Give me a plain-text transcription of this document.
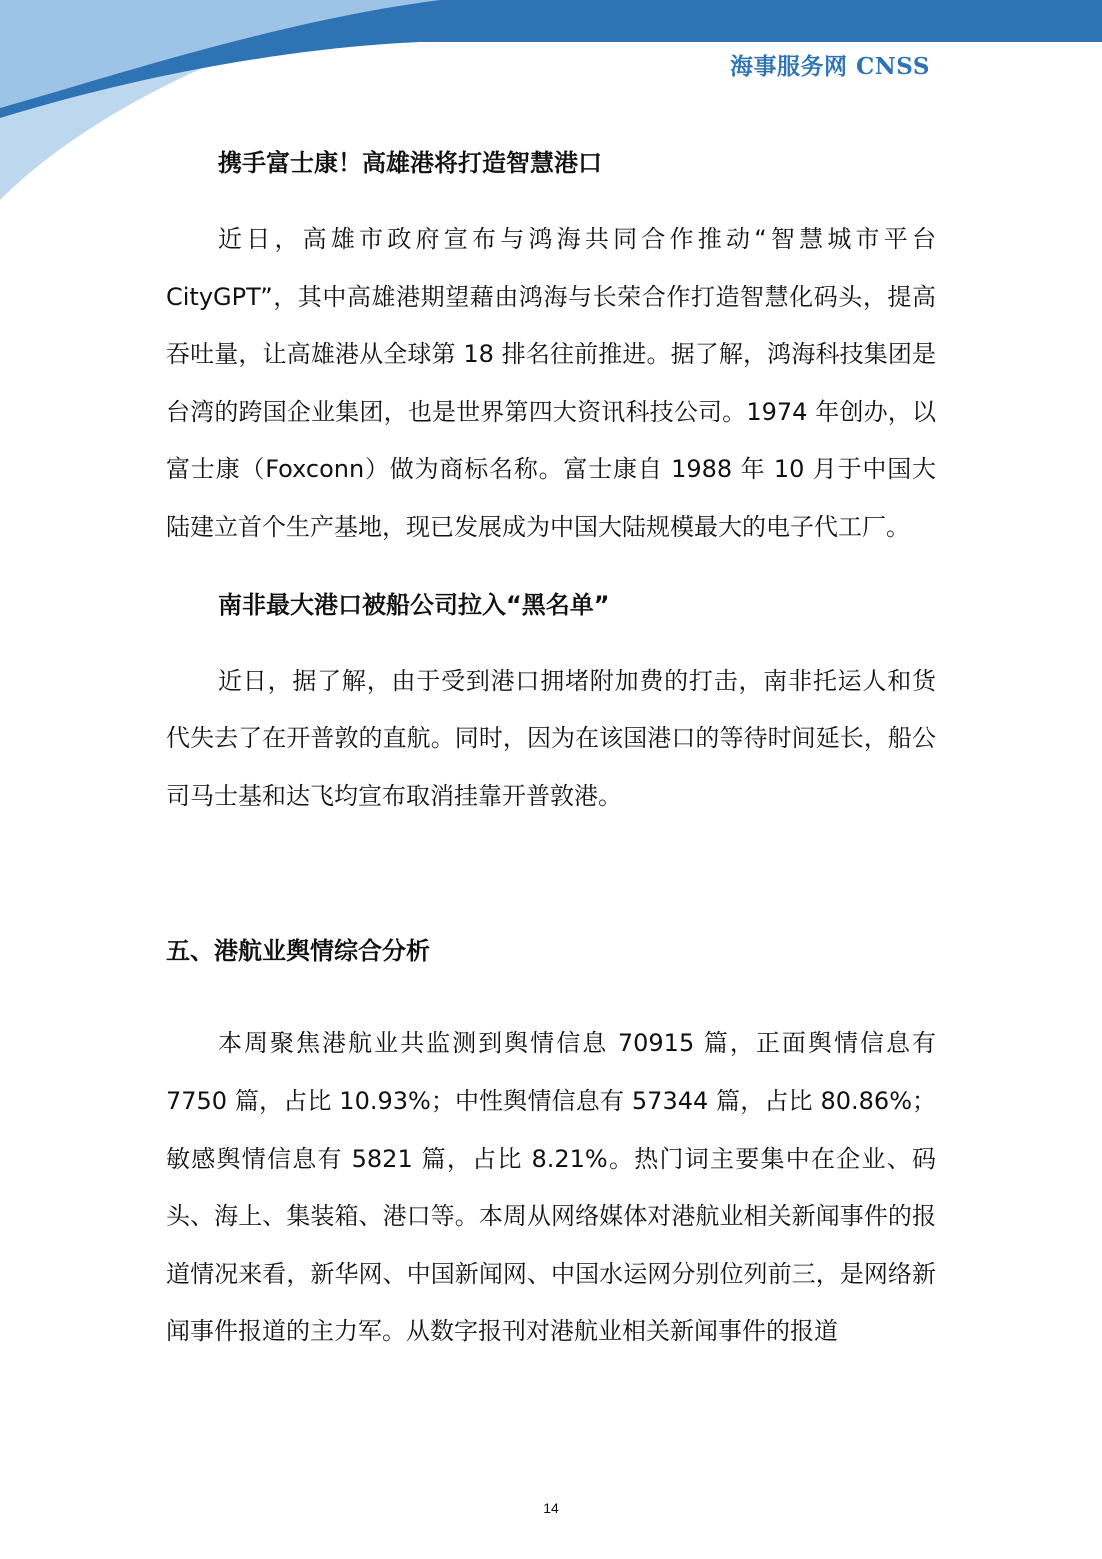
海事服务网 CNSS

携手富士康！高雄港将打造智慧港口

近日，高雄市政府宣布与鸿海共同合作推动“智慧城市平台CityGPT”，其中高雄港期望藉由鸿海与长荣合作打造智慧化码头，提高吞吐量，让高雄港从全球第 18 排名往前推进。据了解，鸿海科技集团是台湾的跨国企业集团，也是世界第四大资讯科技公司。1974 年创办，以富士康（Foxconn）做为商标名称。富士康自 1988 年 10 月于中国大陆建立首个生产基地，现已发展成为中国大陆规模最大的电子代工厂。

南非最大港口被船公司拉入“黑名单”

近日，据了解，由于受到港口拥堵附加费的打击，南非托运人和货代失去了在开普敦的直航。同时，因为在该国港口的等待时间延长，船公司马士基和达飞均宣布取消挂靠开普敦港。

五、港航业舆情综合分析

本周聚焦港航业共监测到舆情信息 70915 篇，正面舆情信息有7750 篇，占比 10.93%；中性舆情信息有 57344 篇，占比 80.86%；敏感舆情信息有 5821 篇，占比 8.21%。热门词主要集中在企业、码头、海上、集装箱、港口等。本周从网络媒体对港航业相关新闻事件的报道情况来看，新华网、中国新闻网、中国水运网分别位列前三，是网络新闻事件报道的主力军。从数字报刊对港航业相关新闻事件的报道

14
